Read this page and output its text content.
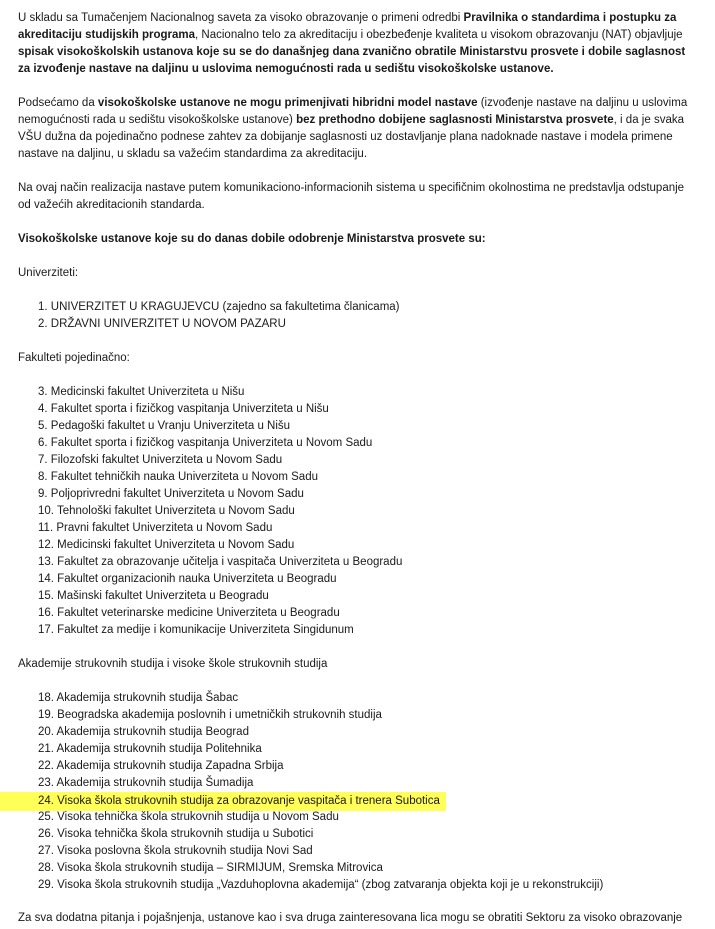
U skladu sa Tumačenjem Nacionalnog saveta za visoko obrazovanje o primeni odredbi Pravilnika o standardima i postupku za akreditaciju studijskih programa, Nacionalno telo za akreditaciju i obezbeđenje kvaliteta u visokom obrazovanju (NAT) objavljuje spisak visokoškolskih ustanova koje su se do današnjeg dana zvanično obratile Ministarstvu prosvete i dobile saglasnost za izvođenje nastave na daljinu u uslovima nemogućnosti rada u sedištu visokoškolske ustanove.

Podsećamo da visokoškolske ustanove ne mogu primenjivati hibridni model nastave (izvođenje nastave na daljinu u uslovima nemogućnosti rada u sedištu visokoškolske ustanove) bez prethodno dobijene saglasnosti Ministarstva prosvete, i da je svaka VŠU dužna da pojedinačno podnese zahtev za dobijanje saglasnosti uz dostavljanje plana nadoknade nastave i modela primene nastave na daljinu, u skladu sa važećim standardima za akreditaciju.

Na ovaj način realizacija nastave putem komunikaciono-informacionih sistema u specifičnim okolnostima ne predstavlja odstupanje od važećih akreditacionih standarda.

Visokoškolske ustanove koje su do danas dobile odobrenje Ministarstva prosvete su:

Univerziteti:

1. UNIVERZITET U KRAGUJEVCU (zajedno sa fakultetima članicama)
2. DRŽAVNI UNIVERZITET U NOVOM PAZARU

Fakulteti pojedinačno:

3. Medicinski fakultet Univerziteta u Nišu
4. Fakultet sporta i fizičkog vaspitanja Univerziteta u Nišu
5. Pedagoški fakultet u Vranju Univerziteta u Nišu
6. Fakultet sporta i fizičkog vaspitanja Univerziteta u Novom Sadu
7. Filozofski fakultet Univerziteta u Novom Sadu
8. Fakultet tehničkih nauka Univerziteta u Novom Sadu
9. Poljoprivredni fakultet Univerziteta u Novom Sadu
10. Tehnološki fakultet Univerziteta u Novom Sadu
11. Pravni fakultet Univerziteta u Novom Sadu
12. Medicinski fakultet Univerziteta u Novom Sadu
13. Fakultet za obrazovanje učitelja i vaspitača Univerziteta u Beogradu
14. Fakultet organizacionih nauka Univerziteta u Beogradu
15. Mašinski fakultet Univerziteta u Beogradu
16. Fakultet veterinarske medicine Univerziteta u Beogradu
17. Fakultet za medije i komunikacije Univerziteta Singidunum

Akademije strukovnih studija i visoke škole strukovnih studija

18. Akademija strukovnih studija Šabac
19. Beogradska akademija poslovnih i umetničkih strukovnih studija
20. Akademija strukovnih studija Beograd
21. Akademija strukovnih studija Politehnika
22. Akademija strukovnih studija Zapadna Srbija
23. Akademija strukovnih studija Šumadija
24. Visoka škola strukovnih studija za obrazovanje vaspitača i trenera Subotica
25. Visoka tehnička škola strukovnih studija u Novom Sadu
26. Visoka tehnička škola strukovnih studija u Subotici
27. Visoka poslovna škola strukovnih studija Novi Sad
28. Visoka škola strukovnih studija – SIRMIJUM, Sremska Mitrovica
29. Visoka škola strukovnih studija „Vazduhoplovna akademija“ (zbog zatvaranja objekta koji je u rekonstrukciji)

Za sva dodatna pitanja i pojašnjenja, ustanove kao i sva druga zainteresovana lica mogu se obratiti Sektoru za visoko obrazovanje
